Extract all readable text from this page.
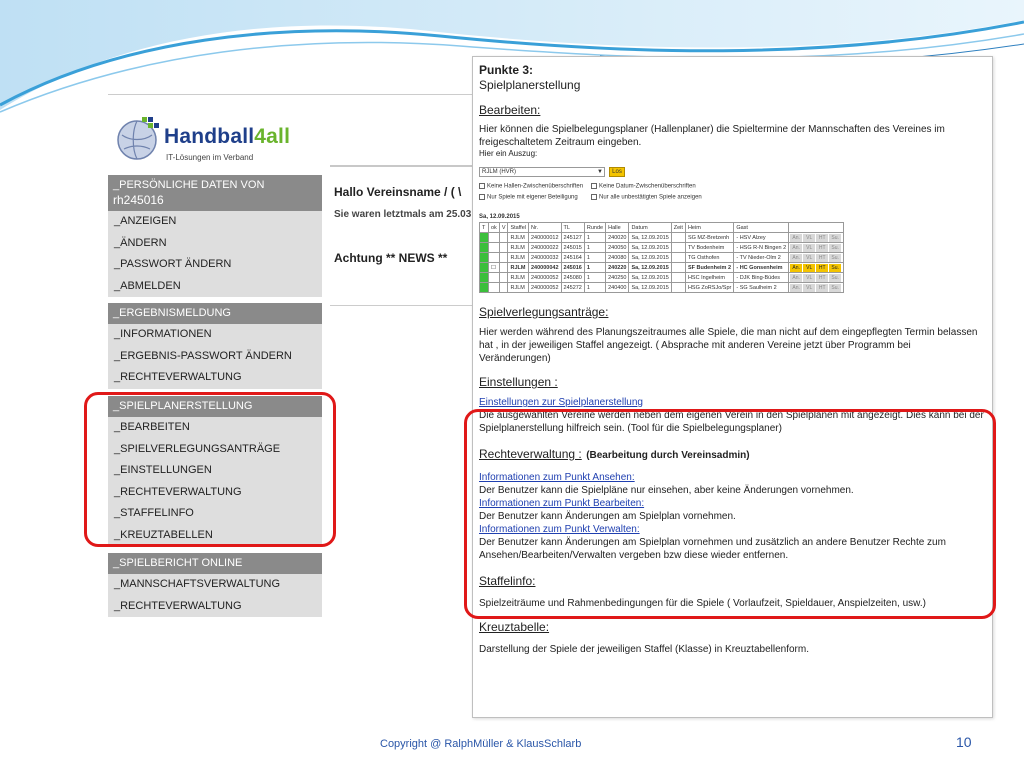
Handball4all
IT-Lösungen im Verband
_PERSÖNLICHE DATEN VON
rh245016
_ANZEIGEN
_ÄNDERN
_PASSWORT ÄNDERN
_ABMELDEN
_ERGEBNISMELDUNG
_INFORMATIONEN
_ERGEBNIS-PASSWORT ÄNDERN
_RECHTEVERWALTUNG
_SPIELPLANERSTELLUNG
_BEARBEITEN
_SPIELVERLEGUNGSANTRÄGE
_EINSTELLUNGEN
_RECHTEVERWALTUNG
_STAFFELINFO
_KREUZTABELLEN
_SPIELBERICHT ONLINE
_MANNSCHAFTSVERWALTUNG
_RECHTEVERWALTUNG
Hallo Vereinsname / ( \
Sie waren letztmals am 25.03
Achtung ** NEWS **
Punkte 3:
Spielplanerstellung
Bearbeiten:
Hier können die Spielbelegungsplaner (Hallenplaner) die Spieltermine der Mannschaften des Vereines im freigeschaltetem Zeitraum eingeben.
Hier ein Auszug:
RJLM (HVR)	▼	Los
Keine Hallen-Zwischenüberschriften	Keine Datum-Zwischenüberschriften
Nur Spiele mit eigener Beteiligung	Nur alle unbestätigten Spiele anzeigen
Sa, 12.09.2015
T	ok	V	Staffel	Nr.	TL	Runde	Halle	Datum	Zeit	Heim	Gast	
			RJLM	240000012	245127	1	240020	Sa, 12.09.2015		SG MZ-Bretzenh	- HSV Alzey	An. VL HT Su.
			RJLM	240000022	245015	1	240050	Sa, 12.09.2015		TV Bodenheim	- HSG R-N Bingen 2	An. VL HT Su.
			RJLM	240000032	245164	1	240080	Sa, 12.09.2015		TG Osthofen	- TV Nieder-Olm 2	An. VL HT Su.
	☐		RJLM	240000042	245016	1	240220	Sa, 12.09.2015		SF Budenheim 2	- HC Gonsenheim	An. VL HT Su.
			RJLM	240000052	245080	1	240250	Sa, 12.09.2015		HSC Ingelheim	- DJK Bing-Büdes	An. VL HT Su.
			RJLM	240000052	245272	1	240400	Sa, 12.09.2015		HSG ZoRSJo/Spr	- SG Saulheim 2	An. VL HT Su.
Spielverlegungsanträge:
Hier werden während des Planungszeitraumes alle Spiele, die man nicht auf dem eingepflegten Termin belassen hat , in der jeweiligen Staffel angezeigt. ( Absprache mit anderen Vereine jetzt über Programm bei Veränderungen)
Einstellungen :
Einstellungen zur Spielplanerstellung
Die ausgewählten Vereine werden neben dem eigenen Verein in den Spielplänen mit angezeigt. Dies kann bei der Spielplanerstellung hilfreich sein. (Tool für die Spielbelegungsplaner)
Rechteverwaltung : (Bearbeitung durch Vereinsadmin)
Informationen zum Punkt Ansehen:
Der Benutzer kann die Spielpläne nur einsehen, aber keine Änderungen vornehmen.
Informationen zum Punkt Bearbeiten:
Der Benutzer kann Änderungen am Spielplan vornehmen.
Informationen zum Punkt Verwalten:
Der Benutzer kann Änderungen am Spielplan vornehmen und zusätzlich an andere Benutzer Rechte zum Ansehen/Bearbeiten/Verwalten vergeben bzw diese wieder entfernen.
Staffelinfo:
Spielzeiträume und Rahmenbedingungen für die Spiele ( Vorlaufzeit, Spieldauer, Anspielzeiten, usw.)
Kreuztabelle:
Darstellung der Spiele der jeweiligen Staffel (Klasse) in Kreuztabellenform.
Copyright @ RalphMüller & KlausSchlarb	10
